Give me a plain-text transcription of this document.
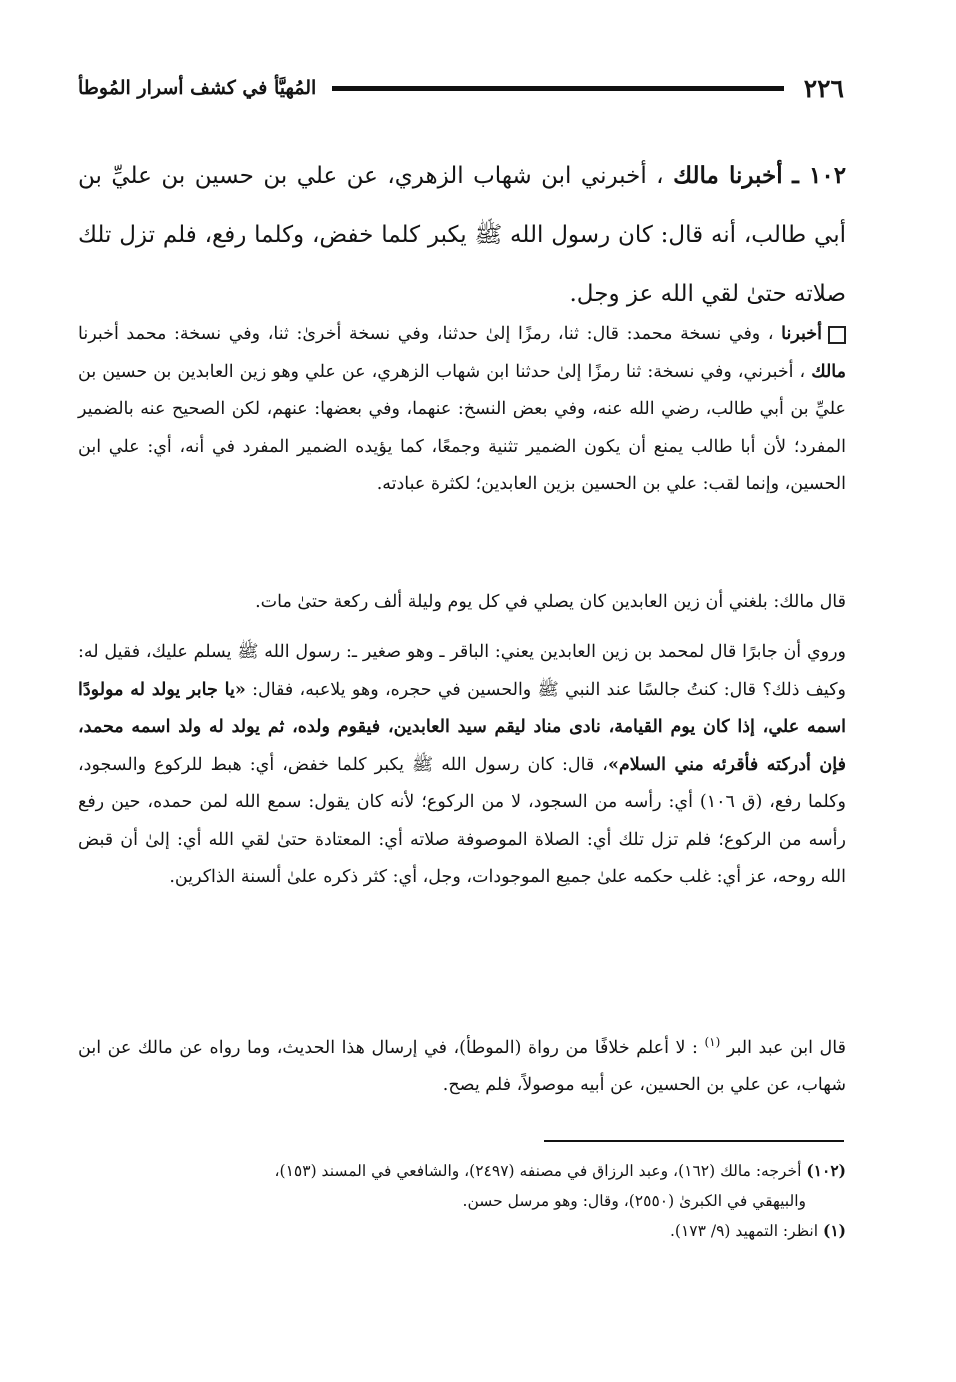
٢٢٦
المُهيَّأ في كشف أسرار المُوطأ

١٠٢ ـ أخبرنا مالك ، أخبرني ابن شهاب الزهري، عن علي بن حسين بن عليِّ بن أبي طالب، أنه قال: كان رسول الله ﷺ يكبر كلما خفض، وكلما رفع، فلم تزل تلك صلاته حتىٰ لقي الله عز وجل.

أخبرنا ، وفي نسخة محمد: قال: ثنا، رمزًا إلىٰ حدثنا، وفي نسخة أخرىٰ: ثنا، وفي نسخة: محمد أخبرنا مالك ، أخبرني، وفي نسخة: ثنا رمزًا إلىٰ حدثنا ابن شهاب الزهري، عن علي وهو زين العابدين بن حسين بن عليِّ بن أبي طالب، رضي الله عنه، وفي بعض النسخ: عنهما، وفي بعضها: عنهم، لكن الصحيح عنه بالضمير المفرد؛ لأن أبا طالب يمنع أن يكون الضمير تثنية وجمعًا، كما يؤيده الضمير المفرد في أنه، أي: علي ابن الحسين، وإنما لقب: علي بن الحسين بزين العابدين؛ لكثرة عبادته.

قال مالك: بلغني أن زين العابدين كان يصلي في كل يوم وليلة ألف ركعة حتىٰ مات.

وروي أن جابرًا قال لمحمد بن زين العابدين يعني: الباقر ـ وهو صغير ـ: رسول الله ﷺ يسلم عليك، فقيل له: وكيف ذلك؟ قال: كنتُ جالسًا عند النبي ﷺ والحسين في حجره، وهو يلاعبه، فقال: «يا جابر يولد له مولودًا اسمه علي، إذا كان يوم القيامة، نادى مناد ليقم سيد العابدين، فيقوم ولده، ثم يولد له ولد اسمه محمد، فإن أدركته فأقرئه مني السلام»، قال: كان رسول الله ﷺ يكبر كلما خفض، أي: هبط للركوع والسجود، وكلما رفع، (ق ١٠٦) أي: رأسه من السجود، لا من الركوع؛ لأنه كان يقول: سمع الله لمن حمده، حين رفع رأسه من الركوع؛ فلم تزل تلك أي: الصلاة الموصوفة صلاته أي: المعتادة حتىٰ لقي الله أي: إلىٰ أن قبض الله روحه، عز أي: غلب حكمه علىٰ جميع الموجودات، وجل، أي: كثر ذكره علىٰ ألسنة الذاكرين.

قال ابن عبد البر $^{(١)}$ : لا أعلم خلافًا من رواة (الموطأ)، في إرسال هذا الحديث، وما رواه عن مالك عن ابن شهاب، عن علي بن الحسين، عن أبيه موصولاً، فلم يصح.

(١٠٢) أخرجه: مالك (١٦٢)، وعبد الرزاق في مصنفه (٢٤٩٧)، والشافعي في المسند (١٥٣)،

والبيهقي في الكبرىٰ (٢٥٥٠)، وقال: وهو مرسل حسن.

(١) انظر: التمهيد (٩/ ١٧٣).
